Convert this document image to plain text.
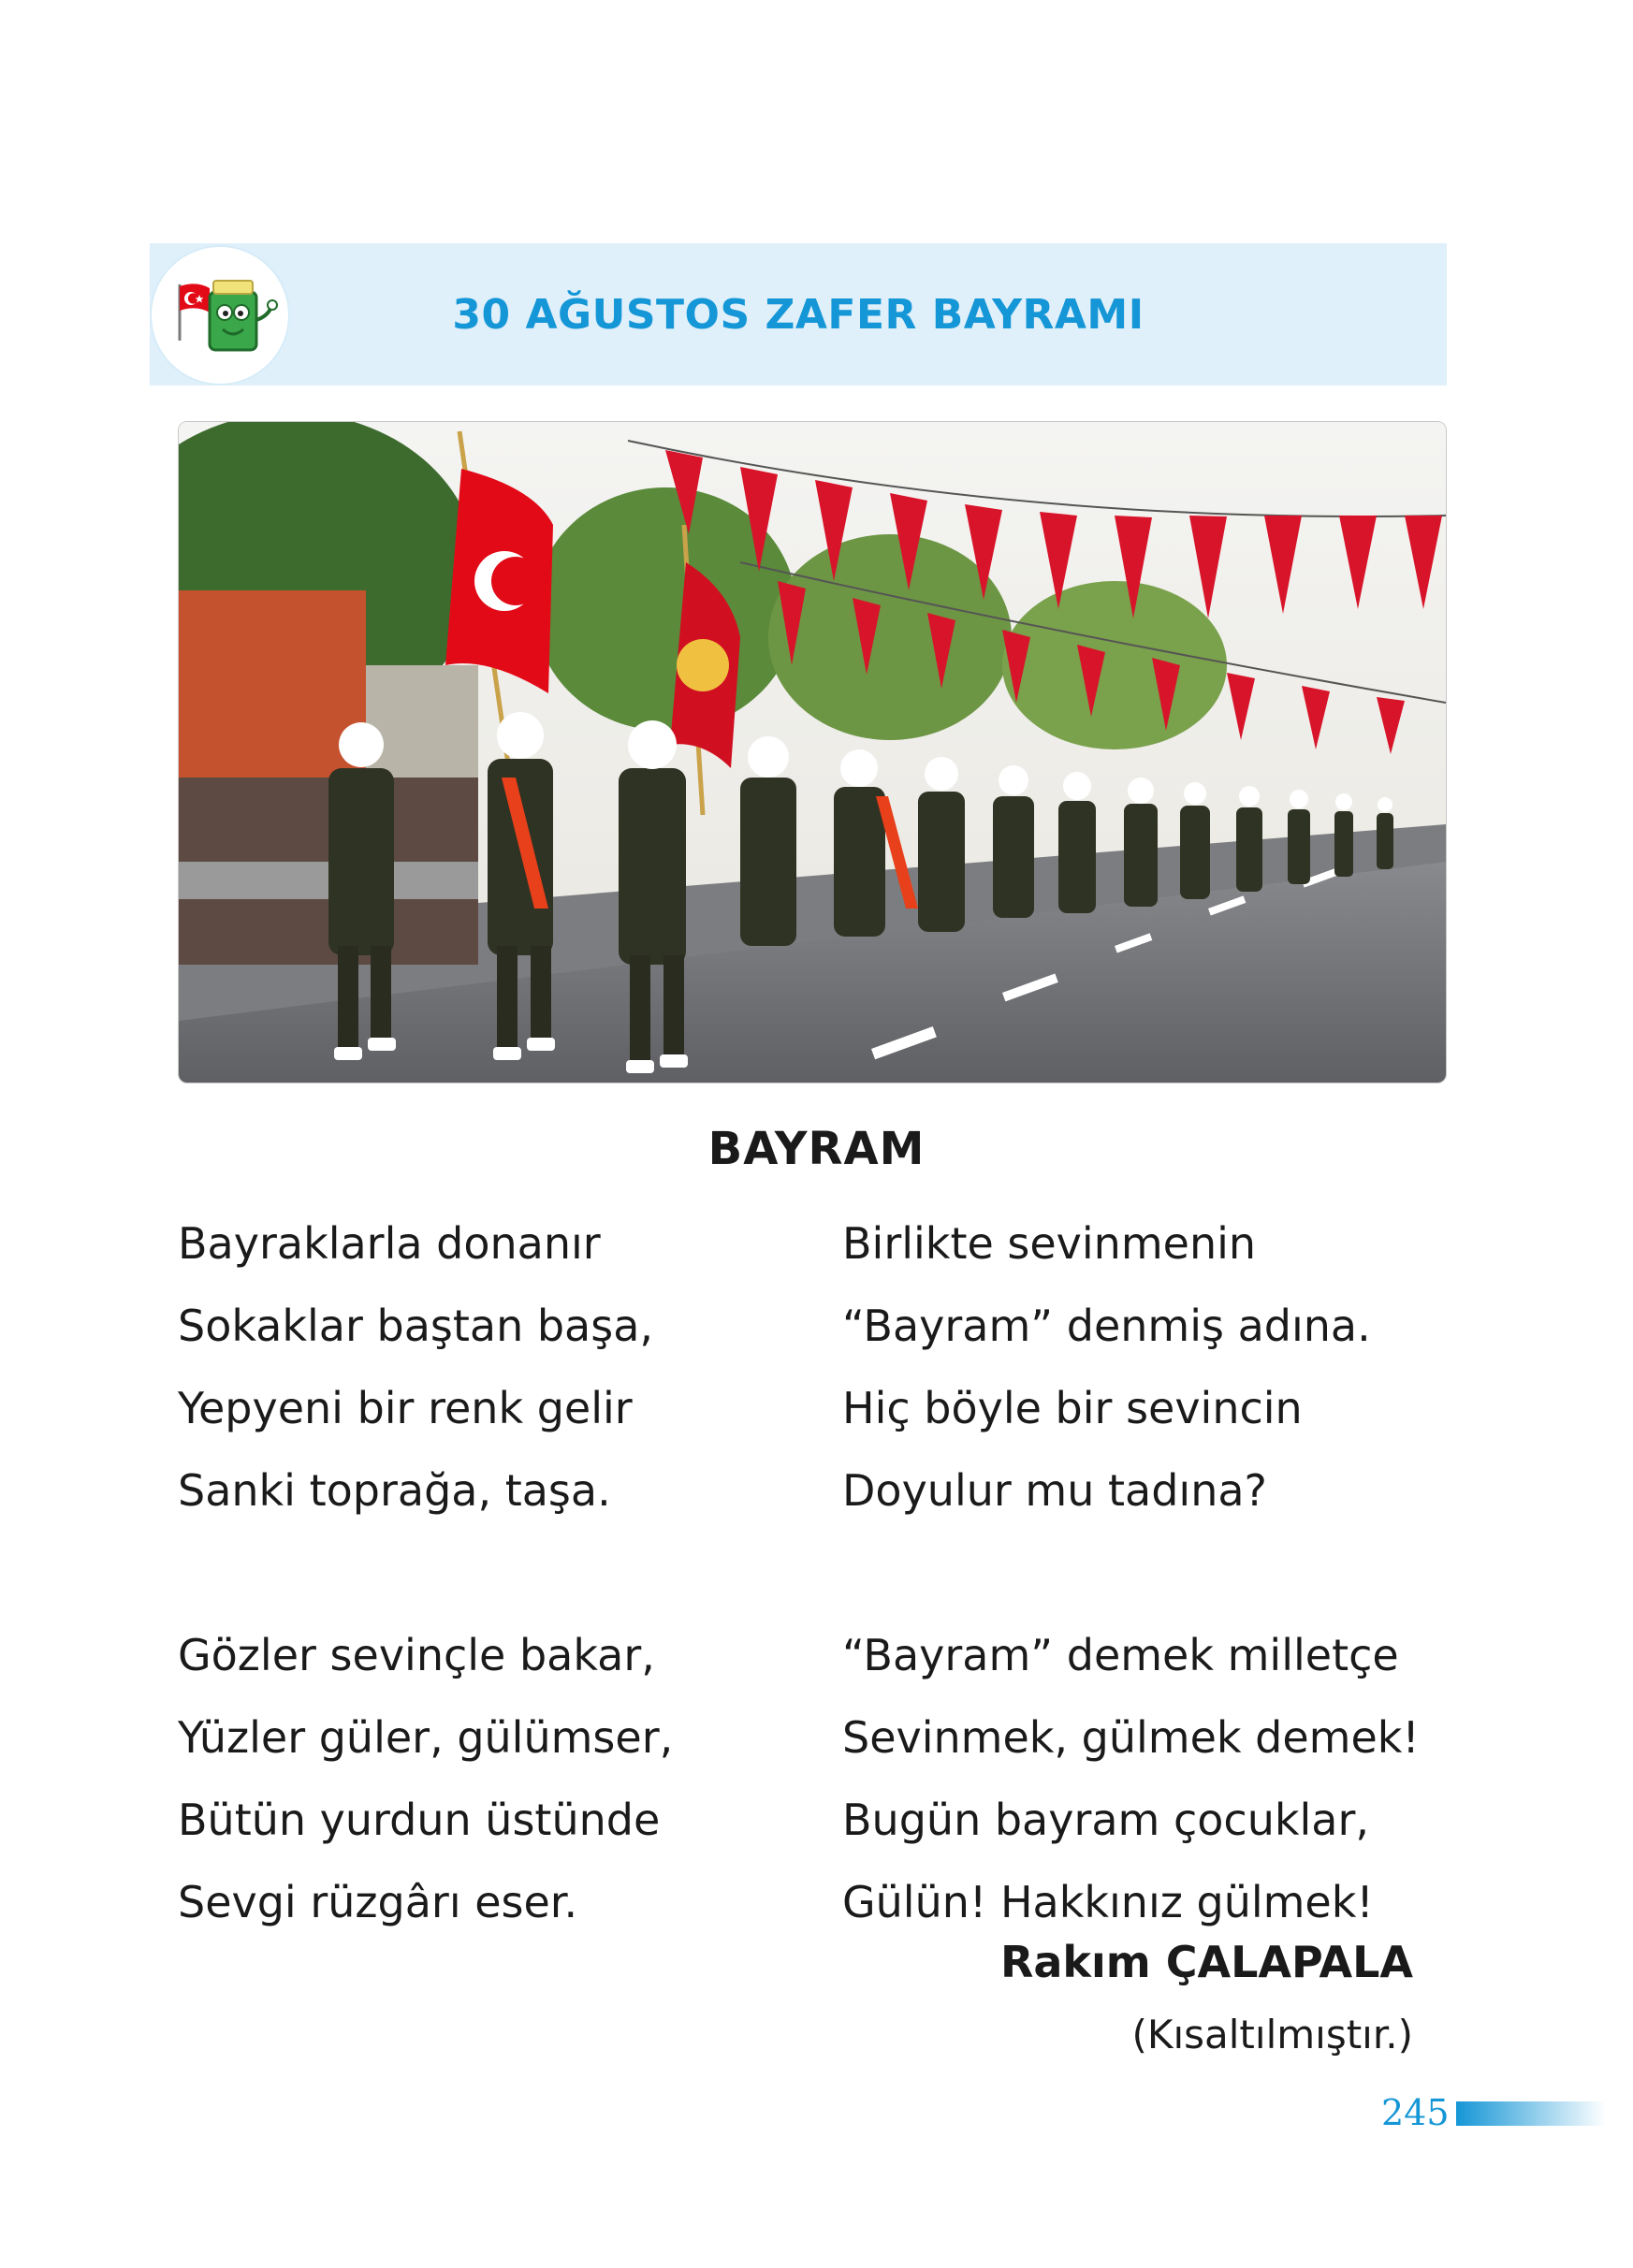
30 AĞUSTOS ZAFER BAYRAMI
BAYRAM
Bayraklarla donanır
Sokaklar baştan başa,
Yepyeni bir renk gelir
Sanki toprağa, taşa.
Gözler sevinçle bakar,
Yüzler güler, gülümser,
Bütün yurdun üstünde
Sevgi rüzgârı eser.
Birlikte sevinmenin
“Bayram” denmiş adına.
Hiç böyle bir sevincin
Doyulur mu tadına?
“Bayram” demek milletçe
Sevinmek, gülmek demek!
Bugün bayram çocuklar,
Gülün! Hakkınız gülmek!
Rakım ÇALAPALA
(Kısaltılmıştır.)
245
